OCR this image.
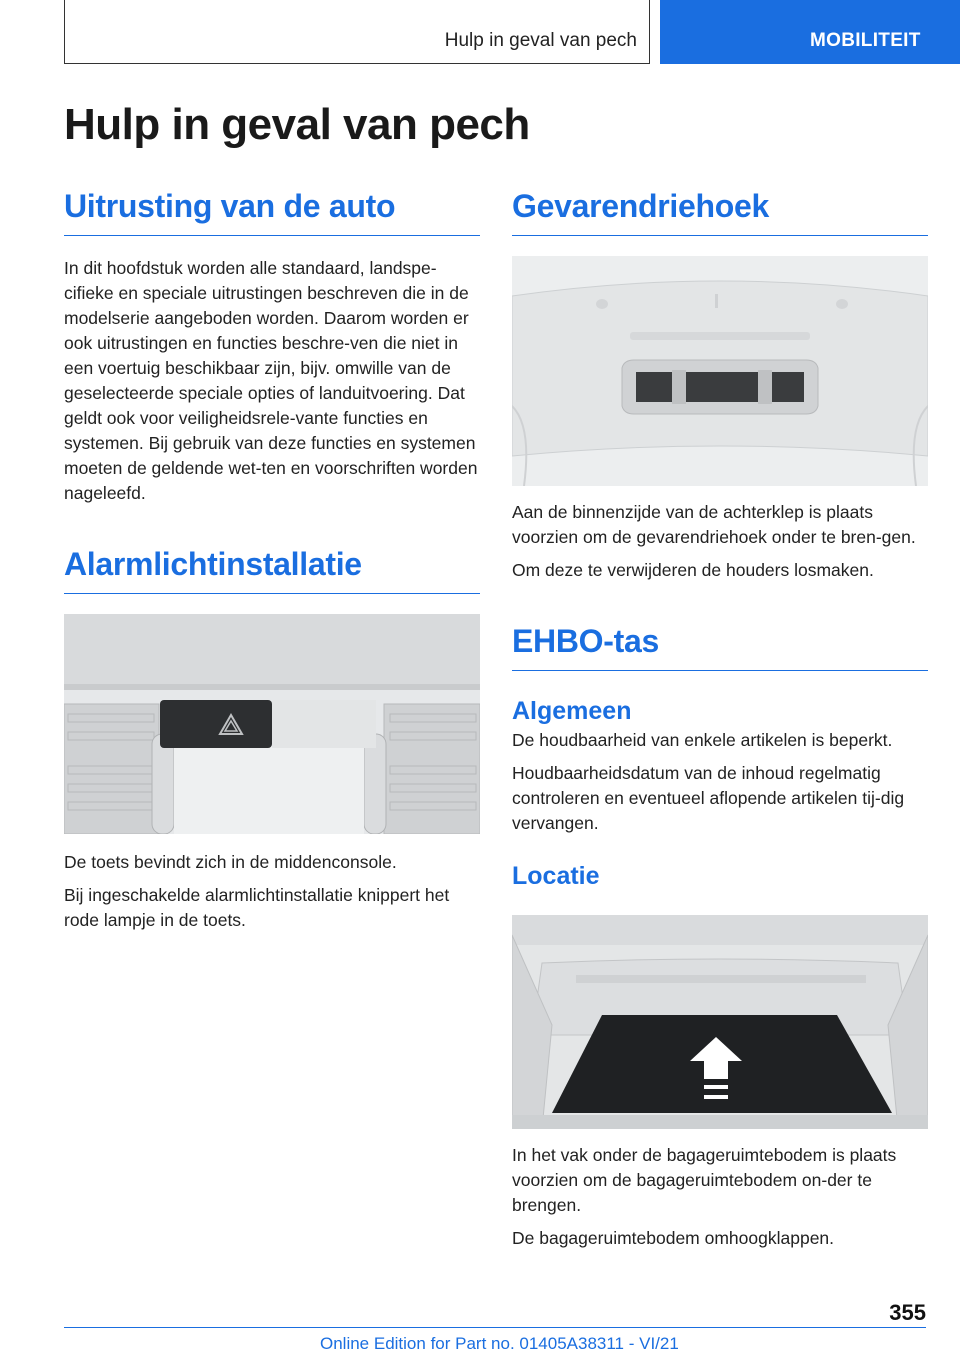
Hulp in geval van pech	MOBILITEIT
Hulp in geval van pech
Uitrusting van de auto

In dit hoofdstuk worden alle standaard, landspe-cifieke en speciale uitrustingen beschreven die in de modelserie aangeboden worden. Daarom worden er ook uitrustingen en functies beschre-ven die niet in een voertuig beschikbaar zijn, bijv. omwille van de geselecteerde speciale opties of landuitvoering. Dat geldt ook voor veiligheidsrele-vante functies en systemen. Bij gebruik van deze functies en systemen moeten de geldende wet-ten en voorschriften worden nageleefd.

Alarmlichtinstallatie

De toets bevindt zich in de middenconsole.

Bij ingeschakelde alarmlichtinstallatie knippert het rode lampje in de toets.

Gevarendriehoek

Aan de binnenzijde van de achterklep is plaats voorzien om de gevarendriehoek onder te bren-gen.

Om deze te verwijderen de houders losmaken.

EHBO-tas
Algemeen

De houdbaarheid van enkele artikelen is beperkt.

Houdbaarheidsdatum van de inhoud regelmatig controleren en eventueel aflopende artikelen tij-dig vervangen.

Locatie

In het vak onder de bagageruimtebodem is plaats voorzien om de bagageruimtebodem on-der te brengen.

De bagageruimtebodem omhoogklappen.

355
Online Edition for Part no. 01405A38311 - VI/21
